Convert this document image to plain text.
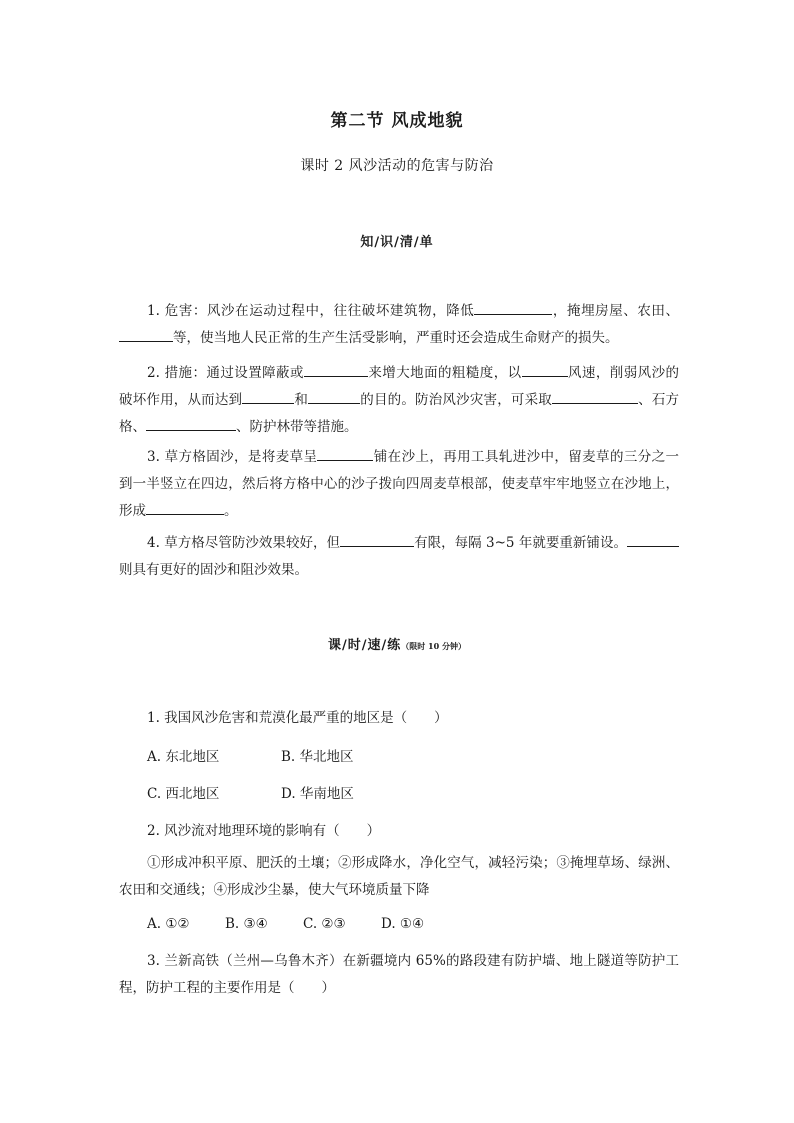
第二节 风成地貌
课时 2 风沙活动的危害与防治
知/识/清/单

1. 危害：风沙在运动过程中，往往破坏建筑物，降低	，掩埋房屋、农田、等，使当地人民正常的生产生活受影响，严重时还会造成生命财产的损失。

2. 措施：通过设置障蔽或	来增大地面的粗糙度，以	风速，削弱风沙的破坏作用，从而达到	和	的目的。防治风沙灾害，可采取	、石方格、	、防护林带等措施。

3. 草方格固沙，是将麦草呈	铺在沙上，再用工具轧进沙中，留麦草的三分之一到一半竖立在四边，然后将方格中心的沙子拨向四周麦草根部，使麦草牢牢地竖立在沙地上，形成	。

4. 草方格尽管防沙效果较好，但	有限，每隔 3~5 年就要重新铺设。则具有更好的固沙和阻沙效果。

课/时/速/练（限时 10 分钟）
1. 我国风沙危害和荒漠化最严重的地区是（　　）
A. 东北地区	B. 华北地区
C. 西北地区	D. 华南地区
2. 风沙流对地理环境的影响有（　　）

①形成冲积平原、肥沃的土壤；②形成降水，净化空气，减轻污染；③掩埋草场、绿洲、农田和交通线；④形成沙尘暴，使大气环境质量下降

A. ①②	B. ③④	C. ②③	D. ①④

3. 兰新高铁（兰州—乌鲁木齐）在新疆境内 65%的路段建有防护墙、地上隧道等防护工程，防护工程的主要作用是（　　）
